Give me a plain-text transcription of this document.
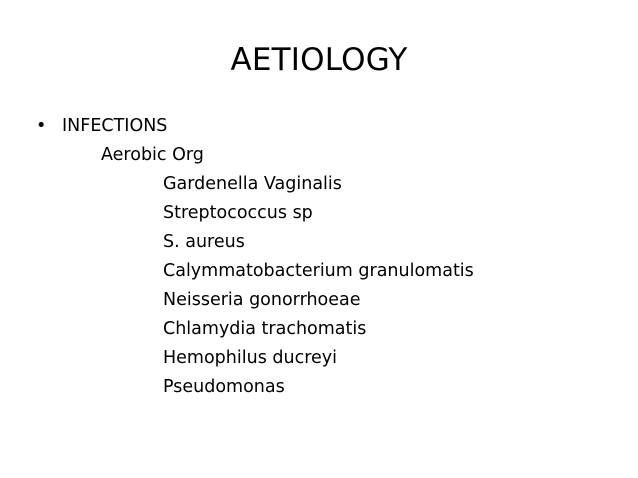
AETIOLOGY
• INFECTIONS
Aerobic Org
Gardenella Vaginalis
Streptococcus sp
S. aureus
Calymmatobacterium granulomatis
Neisseria gonorrhoeae
Chlamydia trachomatis
Hemophilus ducreyi
Pseudomonas
